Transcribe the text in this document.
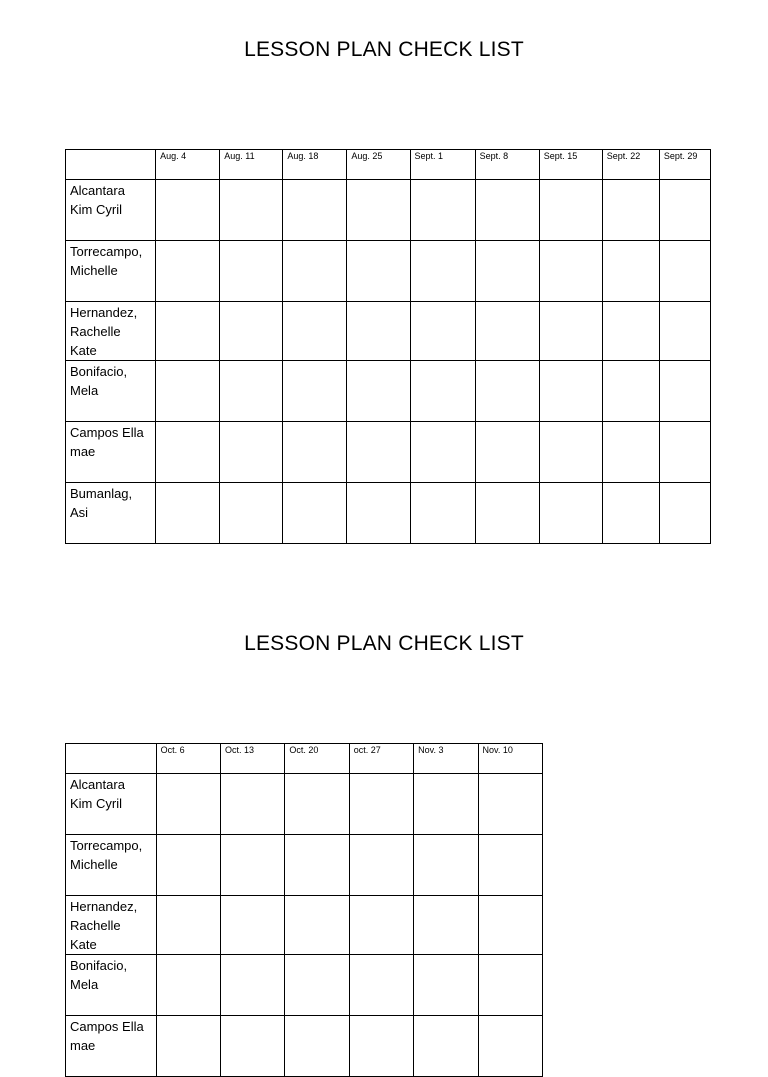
LESSON PLAN CHECK LIST
	Aug. 4	Aug. 11	Aug. 18	Aug. 25	Sept. 1	Sept. 8	Sept. 15	Sept. 22	Sept. 29

Alcantara
Kim Cyril									

Torrecampo,
Michelle									

Hernandez,
Rachelle
Kate									

Bonifacio,
Mela									

Campos Ella
mae									

Bumanlag,
Asi									

LESSON PLAN CHECK LIST
	Oct. 6	Oct. 13	Oct. 20	oct. 27	Nov. 3	Nov. 10

Alcantara
Kim Cyril						

Torrecampo,
Michelle						

Hernandez,
Rachelle
Kate						

Bonifacio,
Mela						

Campos Ella
mae						
